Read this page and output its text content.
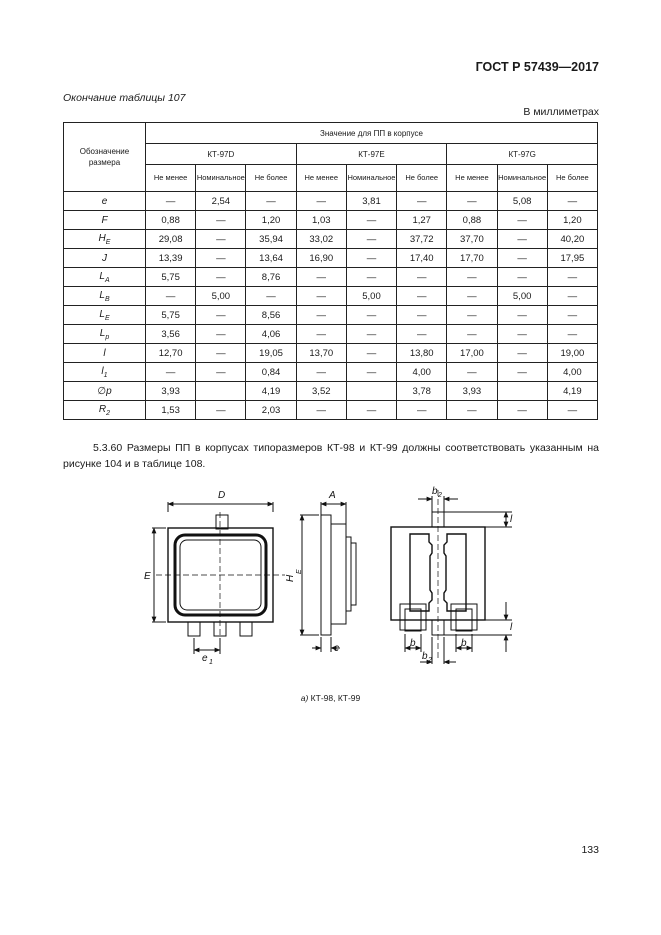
ГОСТ Р 57439—2017
Окончание таблицы 107
В миллиметрах
Обозначение размера	Значение для ПП в корпусе								
	КТ-97D			КТ-97E			КТ-97G		
	Не менее	Номинальное	Не более	Не менее	Номинальное	Не более	Не менее	Номинальное	Не более
e	—	2,54	—	—	3,81	—	—	5,08	—
F	0,88	—	1,20	1,03	—	1,27	0,88	—	1,20
$H_E$	29,08	—	35,94	33,02	—	37,72	37,70	—	40,20
J	13,39	—	13,64	16,90	—	17,40	17,70	—	17,95
$L_A$	5,75	—	8,76	—	—	—	—	—	—
$L_B$	—	5,00	—	—	5,00	—	—	5,00	—
$L_E$	5,75	—	8,56	—	—	—	—	—	—
$L_p$	3,56	—	4,06	—	—	—	—	—	—
l	12,70	—	19,05	13,70	—	13,80	17,00	—	19,00
$l_1$	—	—	0,84	—	—	4,00	—	—	4,00
∅p	3,93		4,19	3,52		3,78	3,93		4,19
$R_2$	1,53	—	2,03	—	—	—	—	—	—
5.3.60 Размеры ПП в корпусах типоразмеров КТ-98 и КТ-99 должны соответствовать указанным на рисунке 104 и в таблице 108.
D
E
e 1
A
H
E
c
b 2
b	b
b 2
l
l
а) КТ-98, КТ-99
133
